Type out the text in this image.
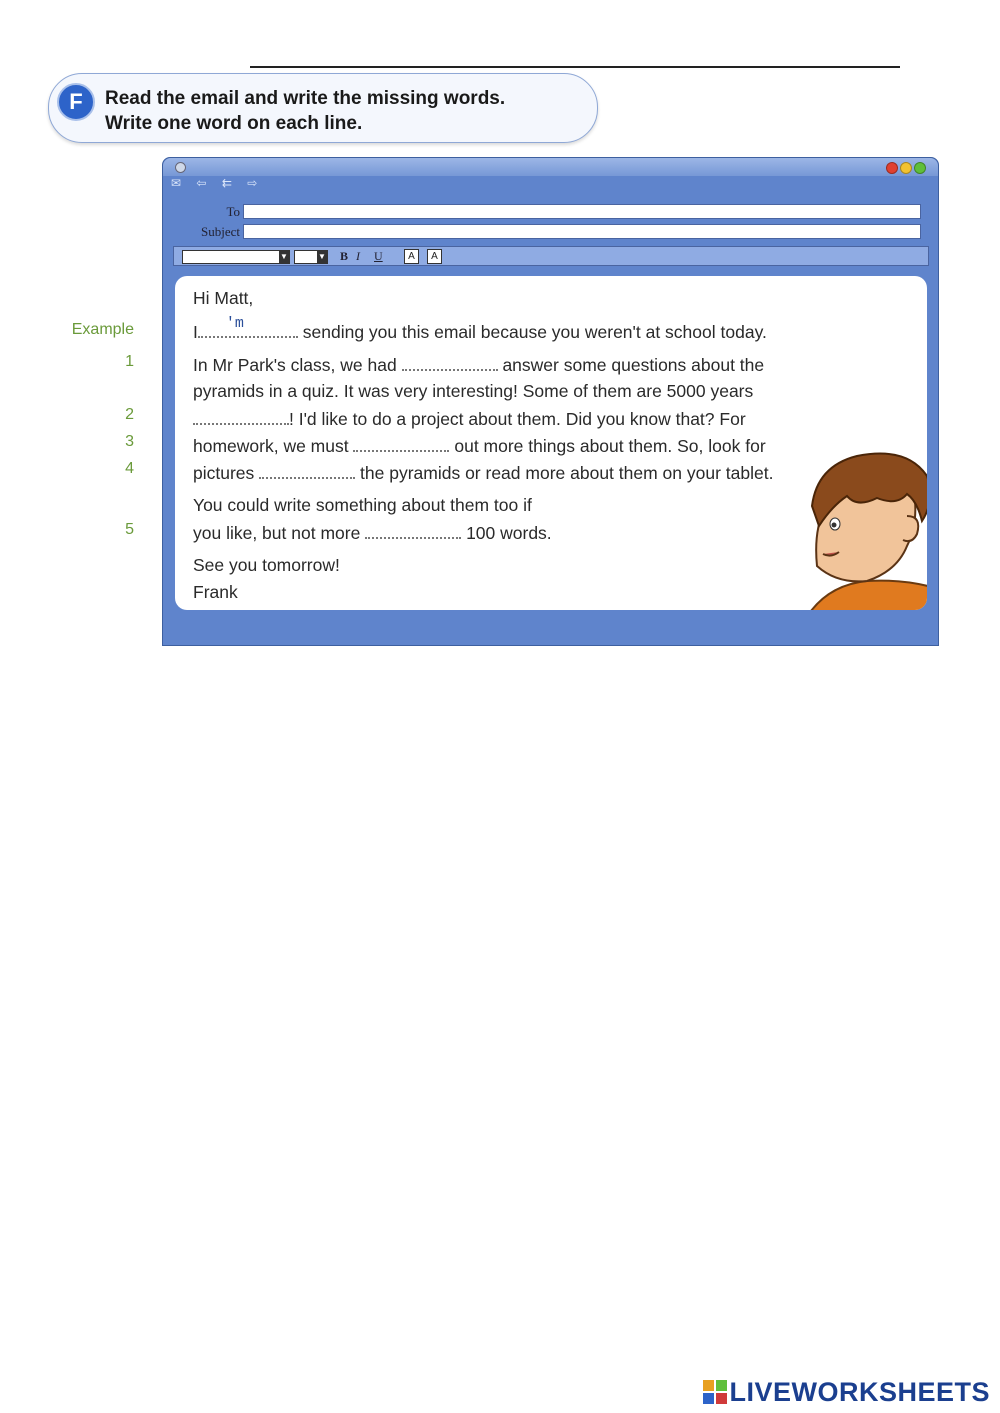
F	Read the email and write the missing words.
Write one word on each line.
Example
1
2
3
4
5
✉ ⇦ ⇇ ⇨
To
Subject
▼	▼ B I U	A	A
Hi Matt,
I 'm	sending you this email because you weren't at school today.
In Mr Park's class, we had	answer some questions about the
pyramids in a quiz. It was very interesting! Some of them are 5000 years
! I'd like to do a project about them. Did you know that? For
homework, we must	out more things about them. So, look for
pictures	the pyramids or read more about them on your tablet.
You could write something about them too if
you like, but not more	100 words.
See you tomorrow!
Frank
LIVEWORKSHEETS
